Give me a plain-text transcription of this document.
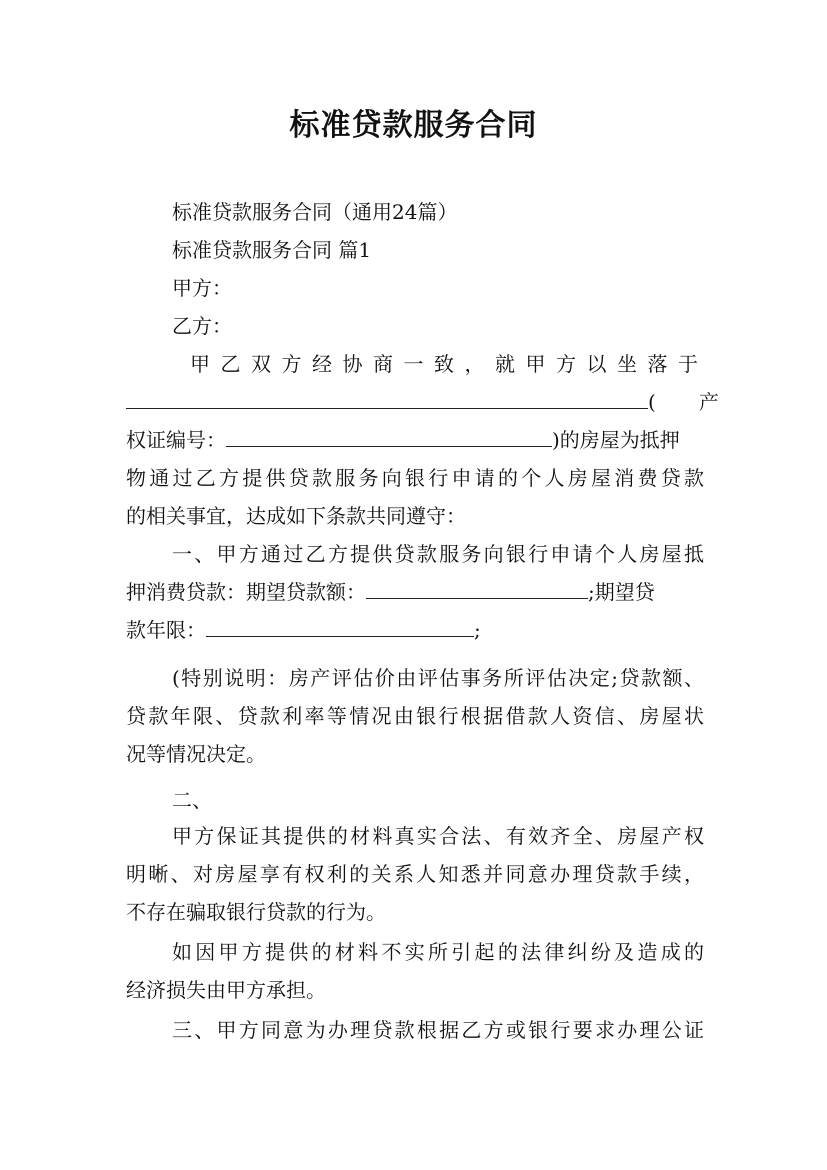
标准贷款服务合同
标准贷款服务合同（通用24篇）
标准贷款服务合同 篇1
甲方：
乙方：
甲乙双方经协商一致，就甲方以坐落于
(   产
权证编号：	)的房屋为抵押
物通过乙方提供贷款服务向银行申请的个人房屋消费贷款
的相关事宜，达成如下条款共同遵守：
一、甲方通过乙方提供贷款服务向银行申请个人房屋抵
押消费贷款：期望贷款额：	;期望贷
款年限：	;
(特别说明：房产评估价由评估事务所评估决定;贷款额、
贷款年限、贷款利率等情况由银行根据借款人资信、房屋状
况等情况决定。
二、
甲方保证其提供的材料真实合法、有效齐全、房屋产权
明晰、对房屋享有权利的关系人知悉并同意办理贷款手续，
不存在骗取银行贷款的行为。
如因甲方提供的材料不实所引起的法律纠纷及造成的
经济损失由甲方承担。
三、甲方同意为办理贷款根据乙方或银行要求办理公证
